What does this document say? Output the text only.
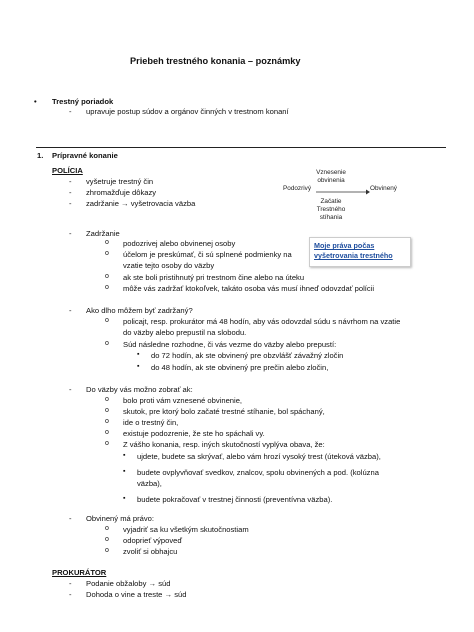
Priebeh trestného konania – poznámky
• Trestný poriadok
- upravuje postup súdov a orgánov činných v trestnom konaní
1. Prípravné konanie
POLÍCIA
- vyšetruje trestný čin
- zhromažďuje dôkazy
- zadržanie → vyšetrovacia väzba
Podozrivý
Vznesenie
obvinenia
Začatie
Trestného
stíhania
Obvinený
Moje práva počas
vyšetrovania trestného
- Zadržanie
o podozrivej alebo obvinenej osoby
o účelom je preskúmať, či sú splnené podmienky na
vzatie tejto osoby do väzby
o ak ste boli pristihnutý pri trestnom čine alebo na úteku
o môže vás zadržať ktokoľvek, takáto osoba vás musí ihneď odovzdať polícii
- Ako dlho môžem byť zadržaný?
o policajt, resp. prokurátor má 48 hodín, aby vás odovzdal súdu s návrhom na vzatie
do väzby alebo prepustil na slobodu.
o Súd následne rozhodne, či vás vezme do väzby alebo prepustí:
▪ do 72 hodín, ak ste obvinený pre obzvlášť závažný zločin
▪ do 48 hodín, ak ste obvinený pre prečin alebo zločin,
- Do väzby vás možno zobrať ak:
o bolo proti vám vznesené obvinenie,
o skutok, pre ktorý bolo začaté trestné stíhanie, bol spáchaný,
o ide o trestný čin,
o existuje podozrenie, že ste ho spáchali vy.
o Z vášho konania, resp. iných skutočností vyplýva obava, že:
▪ ujdete, budete sa skrývať, alebo vám hrozí vysoký trest (úteková väzba),
▪ budete ovplyvňovať svedkov, znalcov, spolu obvinených a pod. (kolúzna
väzba),
▪ budete pokračovať v trestnej činnosti (preventívna väzba).
- Obvinený má právo:
o vyjadriť sa ku všetkým skutočnostiam
o odoprieť výpoveď
o zvoliť si obhajcu
PROKURÁTOR
- Podanie obžaloby → súd
- Dohoda o vine a treste → súd
